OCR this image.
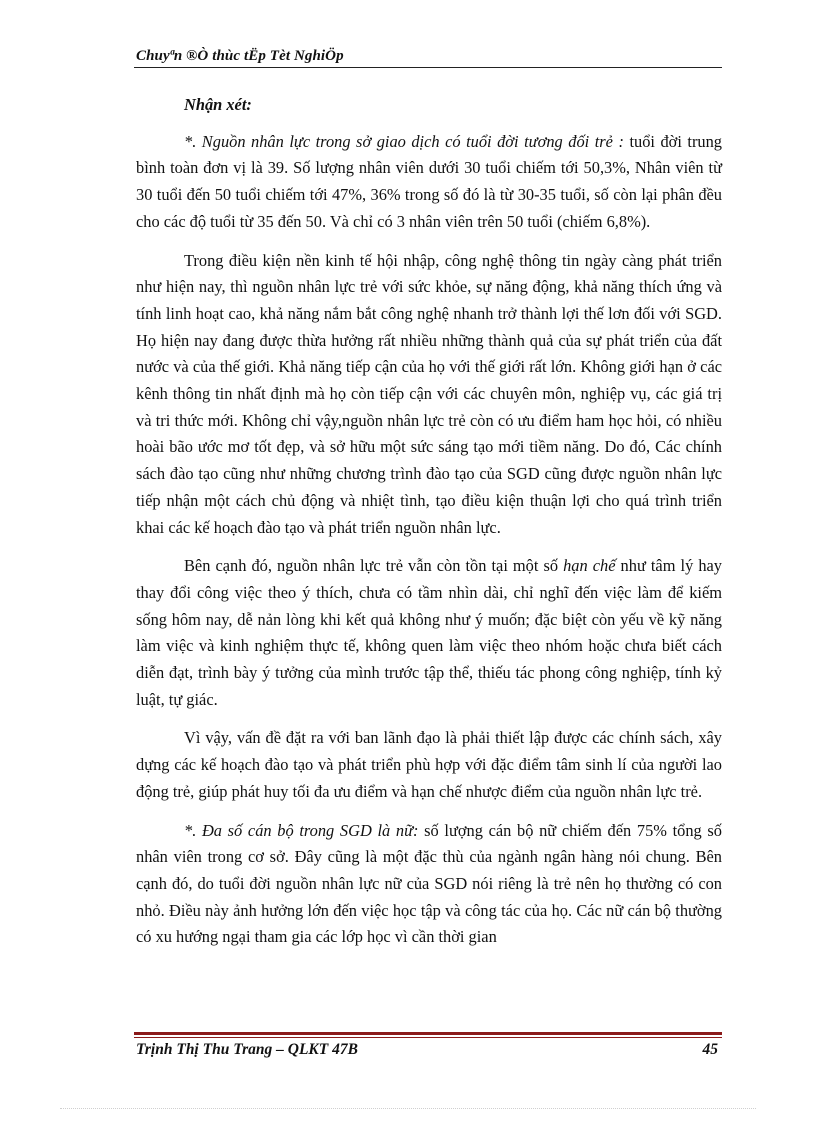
Chuyªn ®Ò thùc tËp Tèt NghiÖp

Nhận xét:

*. Nguồn nhân lực trong sở giao dịch có tuổi đời tương đối trẻ : tuổi đời trung bình toàn đơn vị là 39. Số lượng nhân viên dưới 30 tuổi chiếm tới 50,3%, Nhân viên từ 30 tuổi đến 50 tuổi chiếm tới 47%, 36% trong số đó là từ 30-35 tuổi, số còn lại phân đều cho các độ tuổi từ 35 đến 50. Và chỉ có 3 nhân viên trên 50 tuổi (chiếm 6,8%).

Trong điều kiện nền kinh tế hội nhập, công nghệ thông tin ngày càng phát triển như hiện nay, thì nguồn nhân lực trẻ với sức khỏe, sự năng động, khả năng thích ứng và tính linh hoạt cao, khả năng nắm bắt công nghệ nhanh trở thành lợi thế lơn đối với SGD. Họ hiện nay đang được thừa hưởng rất nhiều những thành quả của sự phát triển của đất nước và của thế giới. Khả năng tiếp cận của họ với thế giới rất lớn. Không giới hạn ở các kênh thông tin nhất định mà họ còn tiếp cận với các chuyên môn, nghiệp vụ, các giá trị và tri thức mới. Không chỉ vậy,nguồn nhân lực trẻ còn có ưu điểm ham học hỏi, có nhiều hoài bão ước mơ tốt đẹp, và sở hữu một sức sáng tạo mới tiềm năng. Do đó, Các chính sách đào tạo cũng như những chương trình đào tạo của SGD cũng được nguồn nhân lực tiếp nhận một cách chủ động và nhiệt tình, tạo điều kiện thuận lợi cho quá trình triển khai các kế hoạch đào tạo và phát triển nguồn nhân lực.

Bên cạnh đó, nguồn nhân lực trẻ vẫn còn tồn tại một số hạn chế như tâm lý hay thay đổi công việc theo ý thích, chưa có tầm nhìn dài, chỉ nghĩ đến việc làm để kiếm sống hôm nay, dễ nản lòng khi kết quả không như ý muốn; đặc biệt còn yếu về kỹ năng làm việc và kinh nghiệm thực tế, không quen làm việc theo nhóm hoặc chưa biết cách diễn đạt, trình bày ý tưởng của mình trước tập thể, thiếu tác phong công nghiệp, tính kỷ luật, tự giác.

Vì vậy, vấn đề đặt ra với ban lãnh đạo là phải thiết lập được các chính sách, xây dựng các kế hoạch đào tạo và phát triển phù hợp với đặc điểm tâm sinh lí của người lao động trẻ, giúp phát huy tối đa ưu điểm và hạn chế nhược điểm của nguồn nhân lực trẻ.

*. Đa số cán bộ trong SGD là nữ: số lượng cán bộ nữ chiếm đến 75% tổng số nhân viên trong cơ sở. Đây cũng là một đặc thù của ngành ngân hàng nói chung. Bên cạnh đó, do tuổi đời nguồn nhân lực nữ của SGD nói riêng là trẻ nên họ thường có con nhỏ. Điều này ảnh hưởng lớn đến việc học tập và công tác của họ. Các nữ cán bộ thường có xu hướng ngại tham gia các lớp học vì cần thời gian

Trịnh Thị Thu Trang – QLKT 47B	45
